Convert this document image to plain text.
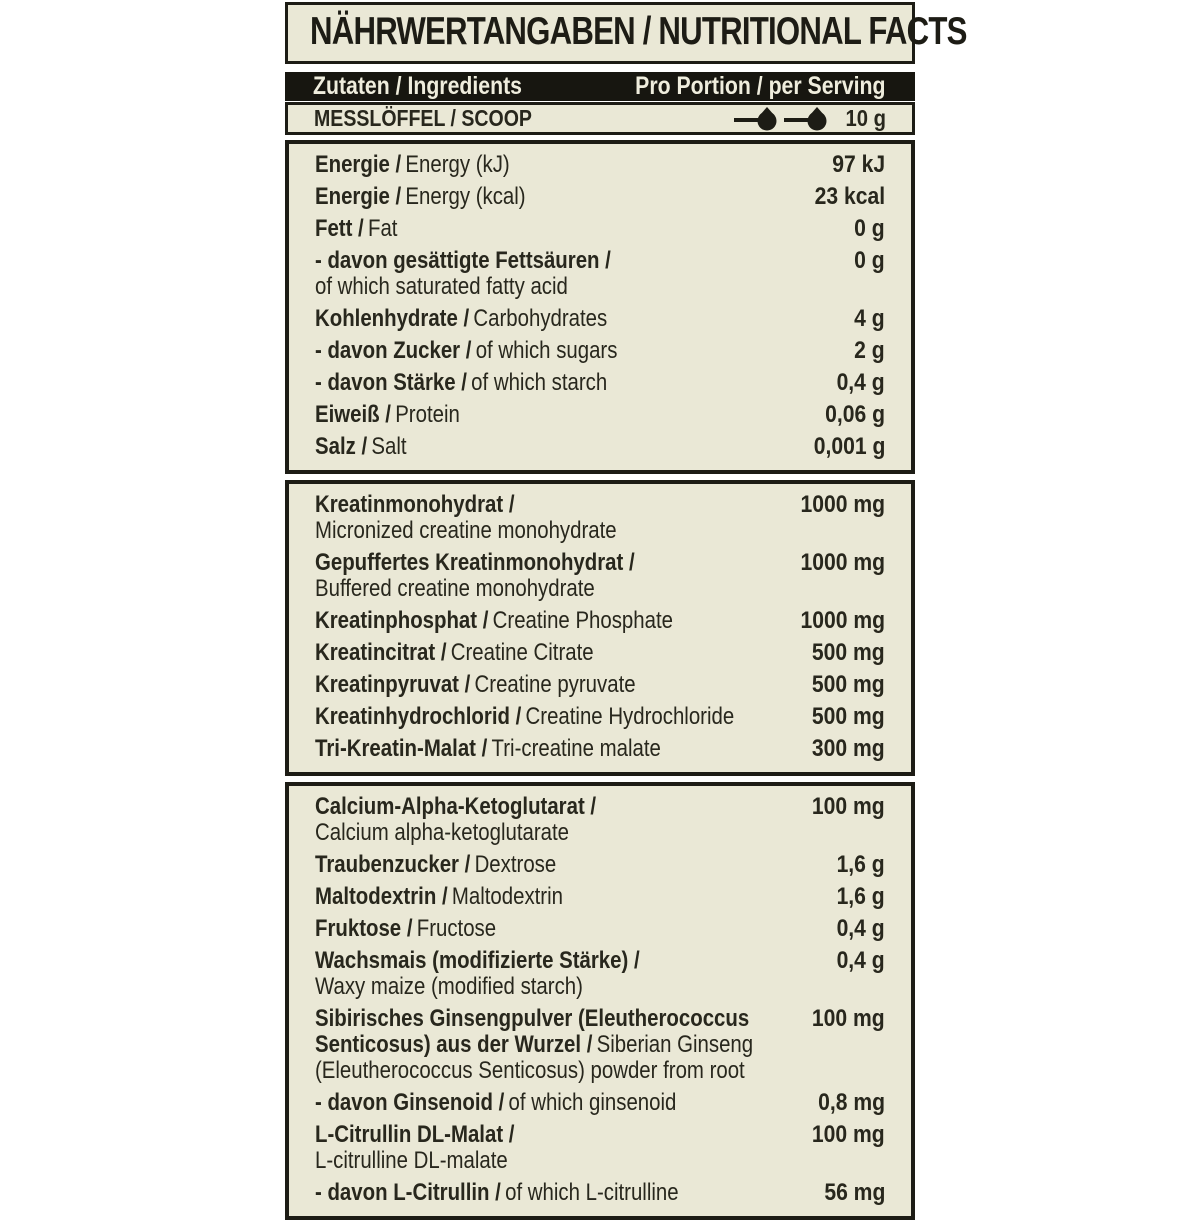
NÄHRWERTANGABEN / NUTRITIONAL FACTS
Zutaten / Ingredients	Pro Portion / per Serving
MESSLÖFFEL / SCOOP	10 g
Energie / Energy (kJ)	97 kJ
Energie / Energy (kcal)	23 kcal
Fett / Fat	0 g
- davon gesättigte Fettsäuren /
of which saturated fatty acid
0 g
Kohlenhydrate / Carbohydrates	4 g
- davon Zucker / of which sugars	2 g
- davon Stärke / of which starch	0,4 g
Eiweiß / Protein	0,06 g
Salz / Salt	0,001 g
Kreatinmonohydrat /
Micronized creatine monohydrate
1000 mg
Gepuffertes Kreatinmonohydrat /
Buffered creatine monohydrate
1000 mg
Kreatinphosphat / Creatine Phosphate	1000 mg
Kreatincitrat / Creatine Citrate	500 mg
Kreatinpyruvat / Creatine pyruvate	500 mg
Kreatinhydrochlorid / Creatine Hydrochloride	500 mg
Tri-Kreatin-Malat / Tri-creatine malate	300 mg
Calcium-Alpha-Ketoglutarat /
Calcium alpha-ketoglutarate
100 mg
Traubenzucker / Dextrose	1,6 g
Maltodextrin / Maltodextrin	1,6 g
Fruktose / Fructose	0,4 g
Wachsmais (modifizierte Stärke) /
Waxy maize (modified starch)
0,4 g
Sibirisches Ginsengpulver (Eleutherococcus Senticosus) aus der Wurzel / Siberian Ginseng (Eleutherococcus Senticosus) powder from root
100 mg
- davon Ginsenoid / of which ginsenoid	0,8 mg
L-Citrullin DL-Malat /
L-citrulline DL-malate
100 mg
- davon L-Citrullin / of which L-citrulline	56 mg
